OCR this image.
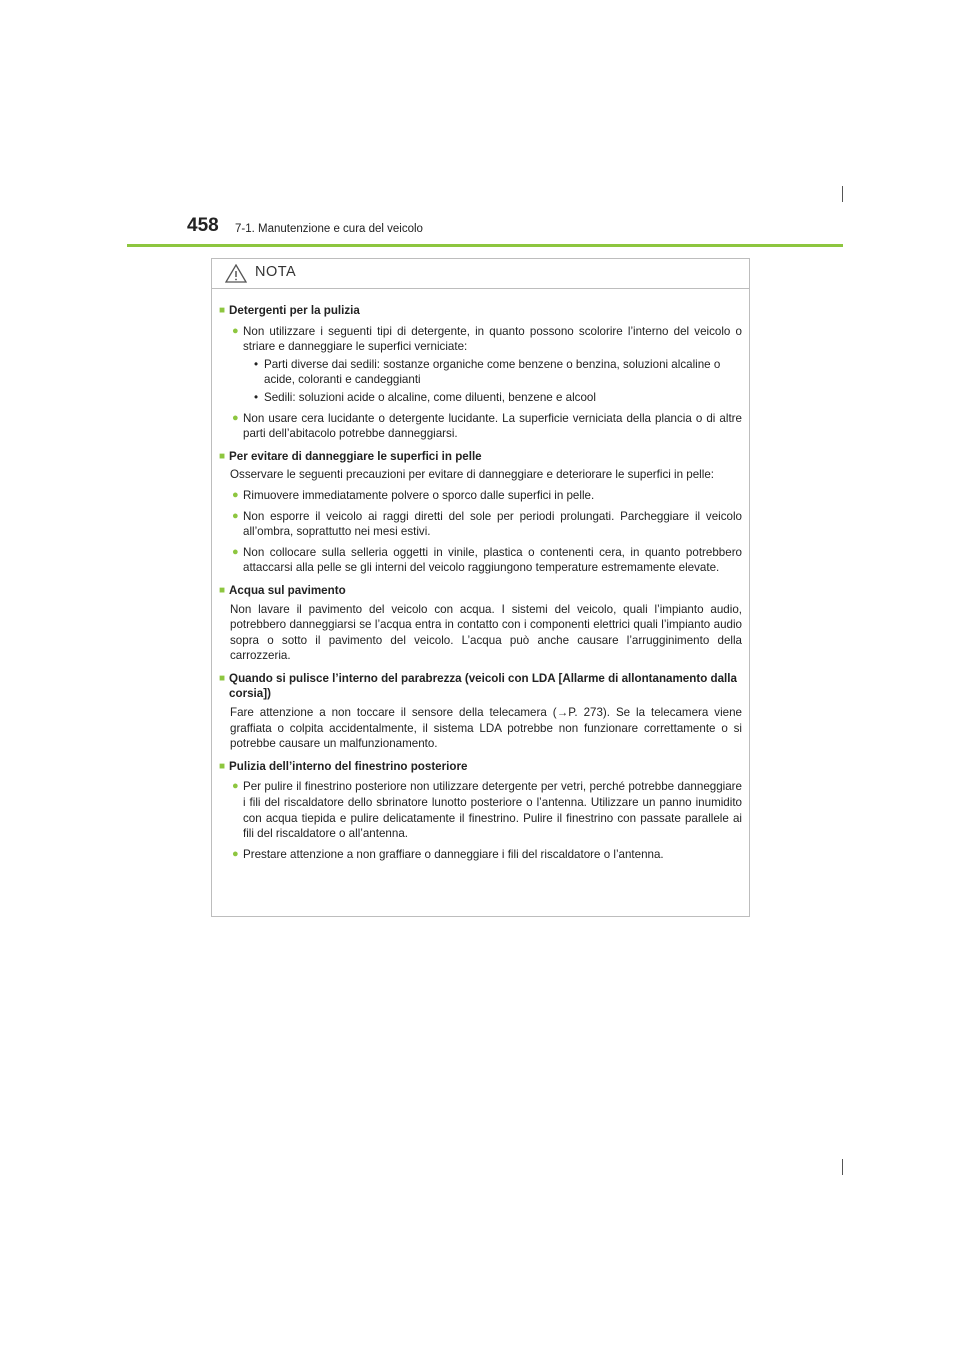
458 7-1. Manutenzione e cura del veicolo
NOTA
■ Detergenti per la pulizia
● Non utilizzare i seguenti tipi di detergente, in quanto possono scolorire l’interno del veicolo o striare e danneggiare le superfici verniciate:
• Parti diverse dai sedili: sostanze organiche come benzene o benzina, soluzioni alcaline o acide, coloranti e candeggianti
• Sedili: soluzioni acide o alcaline, come diluenti, benzene e alcool
● Non usare cera lucidante o detergente lucidante. La superficie verniciata della plancia o di altre parti dell’abitacolo potrebbe danneggiarsi.
■ Per evitare di danneggiare le superfici in pelle
Osservare le seguenti precauzioni per evitare di danneggiare e deteriorare le superfici in pelle:
● Rimuovere immediatamente polvere o sporco dalle superfici in pelle.
● Non esporre il veicolo ai raggi diretti del sole per periodi prolungati. Parcheggiare il veicolo all’ombra, soprattutto nei mesi estivi.
● Non collocare sulla selleria oggetti in vinile, plastica o contenenti cera, in quanto potrebbero attaccarsi alla pelle se gli interni del veicolo raggiungono temperature estremamente elevate.
■ Acqua sul pavimento
Non lavare il pavimento del veicolo con acqua. I sistemi del veicolo, quali l’impianto audio, potrebbero danneggiarsi se l’acqua entra in contatto con i componenti elettrici quali l’impianto audio sopra o sotto il pavimento del veicolo. L’acqua può anche causare l’arrugginimento della carrozzeria.
■ Quando si pulisce l’interno del parabrezza (veicoli con LDA [Allarme di allontanamento dalla corsia])
Fare attenzione a non toccare il sensore della telecamera (→P. 273). Se la telecamera viene graffiata o colpita accidentalmente, il sistema LDA potrebbe non funzionare correttamente o si potrebbe causare un malfunzionamento.
■ Pulizia dell’interno del finestrino posteriore
● Per pulire il finestrino posteriore non utilizzare detergente per vetri, perché potrebbe danneggiare i fili del riscaldatore dello sbrinatore lunotto posteriore o l’antenna. Utilizzare un panno inumidito con acqua tiepida e pulire delicatamente il finestrino. Pulire il finestrino con passate parallele ai fili del riscaldatore o all’antenna.
● Prestare attenzione a non graffiare o danneggiare i fili del riscaldatore o l’antenna.
